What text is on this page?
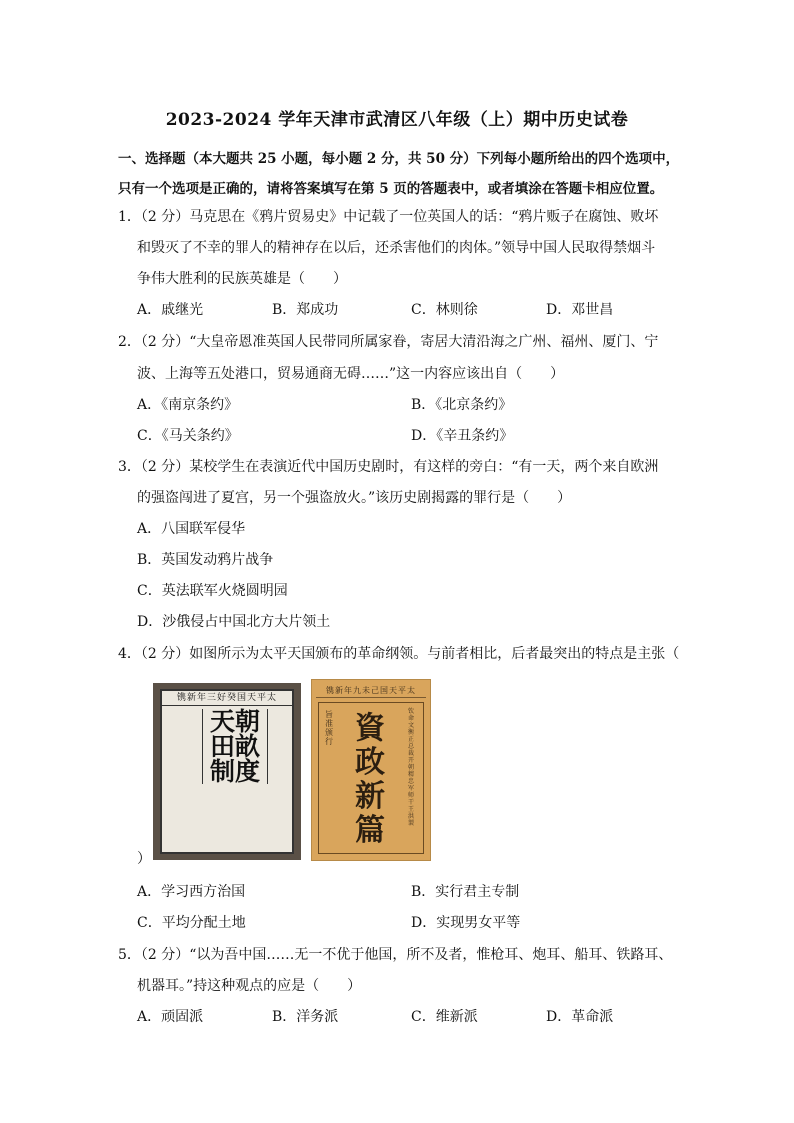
2023-2024 学年天津市武清区八年级（上）期中历史试卷
一、选择题（本大题共 25 小题，每小题 2 分，共 50 分）下列每小题所给出的四个选项中，
只有一个选项是正确的，请将答案填写在第 5 页的答题表中，或者填涂在答题卡相应位置。
1．（2 分）马克思在《鸦片贸易史》中记载了一位英国人的话：“鸦片贩子在腐蚀、败坏
和毁灭了不幸的罪人的精神存在以后，还杀害他们的肉体。”领导中国人民取得禁烟斗
争伟大胜利的民族英雄是（　　）
A．戚继光	B．郑成功	C．林则徐	D．邓世昌
2．（2 分）“大皇帝恩准英国人民带同所属家眷，寄居大清沿海之广州、福州、厦门、宁
波、上海等五处港口，贸易通商无碍……”这一内容应该出自（　　）
A．《南京条约》	B．《北京条约》
C．《马关条约》	D．《辛丑条约》
3．（2 分）某校学生在表演近代中国历史剧时，有这样的旁白：“有一天，两个来自欧洲
的强盗闯进了夏宫，另一个强盗放火。”该历史剧揭露的罪行是（　　）
A．八国联军侵华
B．英国发动鸦片战争
C．英法联军火烧圆明园
D．沙俄侵占中国北方大片领土
4．（2 分）如图所示为太平天国颁布的革命纲领。与前者相比，后者最突出的特点是主张（
太平天国癸好三年新镌
天朝田畝制度
太平天国己未九年新镌
旨准颁行 資政新篇
钦命文衡正总裁开朝精忠军师干王洪 製
）
A．学习西方治国	B．实行君主专制
C．平均分配土地	D．实现男女平等
5．（2 分）“以为吾中国……无一不优于他国，所不及者，惟枪耳、炮耳、船耳、铁路耳、
机器耳。”持这种观点的应是（　　）
A．顽固派	B．洋务派	C．维新派	D．革命派
